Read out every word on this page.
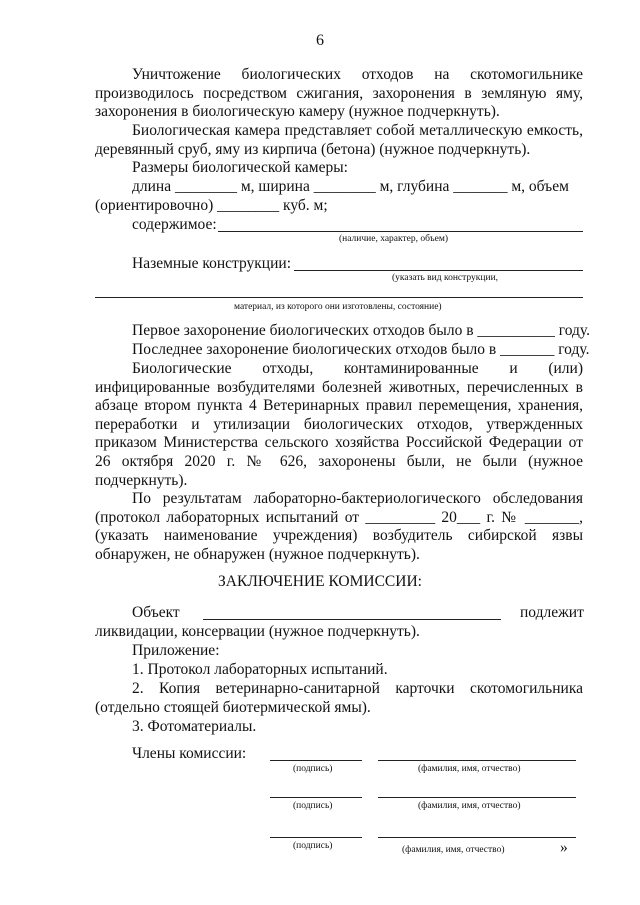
6

Уничтожение биологических отходов на скотомогильнике производилось посредством сжигания, захоронения в земляную яму, захоронения в биологическую камеру (нужное подчеркнуть).

Биологическая камера представляет собой металлическую емкость, деревянный сруб, яму из кирпича (бетона) (нужное подчеркнуть).

Размеры биологической камеры:
длина ________ м, ширина ________ м, глубина _______ м, объем
(ориентировочно) ________ куб. м;
содержимое:
(наличие, характер, объем)
Наземные конструкции:
(указать вид конструкции,
материал, из которого они изготовлены, состояние)
Первое захоронение биологических отходов было в __________ году.
Последнее захоронение биологических отходов было в _______ году.

Биологические отходы, контаминированные и (или) инфицированные возбудителями болезней животных, перечисленных в абзаце втором пункта 4 Ветеринарных правил перемещения, хранения, переработки и утилизации биологических отходов, утвержденных приказом Министерства сельского хозяйства Российской Федерации от 26 октября 2020 г. № 626, захоронены были, не были (нужное подчеркнуть).

По результатам лабораторно-бактериологического обследования (протокол лабораторных испытаний от _________ 20___ г. № _______, (указать наименование учреждения) возбудитель сибирской язвы обнаружен, не обнаружен (нужное подчеркнуть).

ЗАКЛЮЧЕНИЕ КОМИССИИ:
Объект	подлежит
ликвидации, консервации (нужное подчеркнуть).
Приложение:
1. Протокол лабораторных испытаний.

2. Копия ветеринарно-санитарной карточки скотомогильника (отдельно стоящей биотермической ямы).

3. Фотоматериалы.
Члены комиссии:
(подпись)	(фамилия, имя, отчество)
(подпись)	(фамилия, имя, отчество)
(подпись)	(фамилия, имя, отчество)	»
